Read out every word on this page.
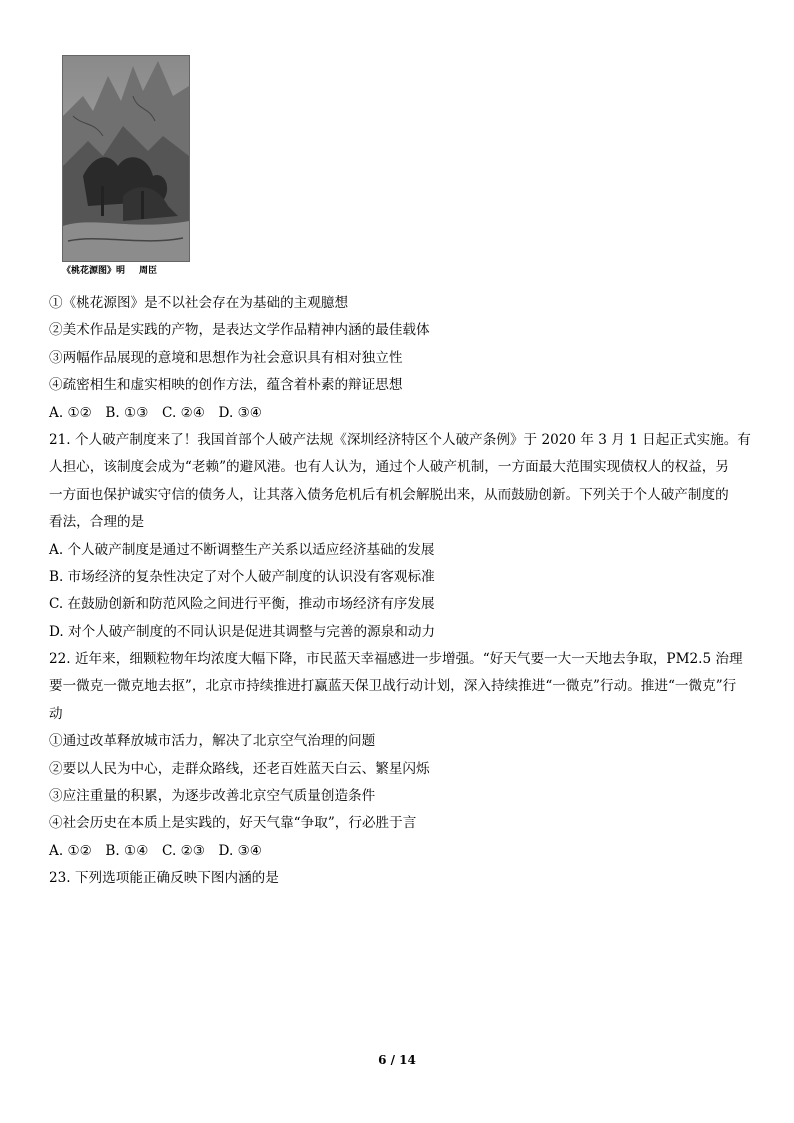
《桃花源图》明 周臣
①《桃花源图》是不以社会存在为基础的主观臆想
②美术作品是实践的产物，是表达文学作品精神内涵的最佳载体
③两幅作品展现的意境和思想作为社会意识具有相对独立性
④疏密相生和虚实相映的创作方法，蕴含着朴素的辩证思想
A. ①②　B. ①③　C. ②④　D. ③④
21. 个人破产制度来了！我国首部个人破产法规《深圳经济特区个人破产条例》于 2020 年 3 月 1 日起正式实施。有
人担心，该制度会成为“老赖”的避风港。也有人认为，通过个人破产机制，一方面最大范围实现债权人的权益，另
一方面也保护诚实守信的债务人，让其落入债务危机后有机会解脱出来，从而鼓励创新。下列关于个人破产制度的
看法，合理的是
A. 个人破产制度是通过不断调整生产关系以适应经济基础的发展
B. 市场经济的复杂性决定了对个人破产制度的认识没有客观标准
C. 在鼓励创新和防范风险之间进行平衡，推动市场经济有序发展
D. 对个人破产制度的不同认识是促进其调整与完善的源泉和动力
22. 近年来，细颗粒物年均浓度大幅下降，市民蓝天幸福感进一步增强。“好天气要一大一天地去争取，PM2.5 治理
要一微克一微克地去抠”，北京市持续推进打赢蓝天保卫战行动计划，深入持续推进“一微克”行动。推进“一微克”行
动
①通过改革释放城市活力，解决了北京空气治理的问题
②要以人民为中心，走群众路线，还老百姓蓝天白云、繁星闪烁
③应注重量的积累，为逐步改善北京空气质量创造条件
④社会历史在本质上是实践的，好天气靠“争取”，行必胜于言
A. ①②　B. ①④　C. ②③　D. ③④
23. 下列选项能正确反映下图内涵的是
6 / 14
